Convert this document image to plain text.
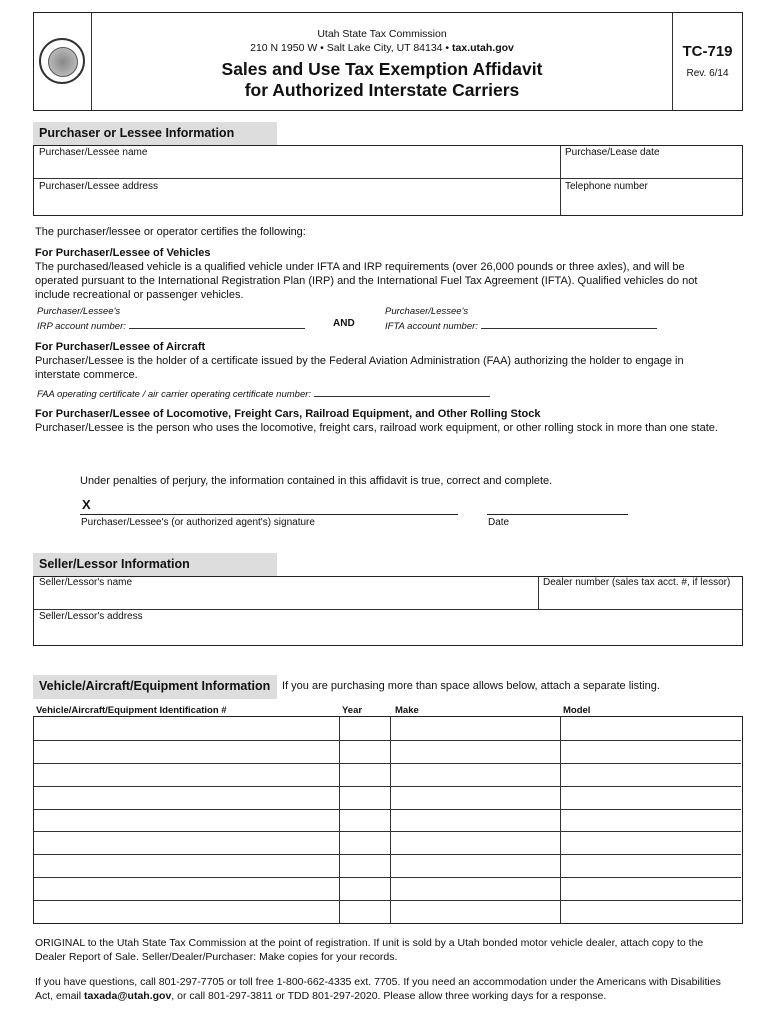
Utah State Tax Commission
210 N 1950 W • Salt Lake City, UT 84134 • tax.utah.gov
Sales and Use Tax Exemption Affidavit
for Authorized Interstate Carriers
TC-719
Rev. 6/14
Purchaser or Lessee Information
Purchaser/Lessee name	Purchase/Lease date
Purchaser/Lessee address	Telephone number
The purchaser/lessee or operator certifies the following:
For Purchaser/Lessee of Vehicles
The purchased/leased vehicle is a qualified vehicle under IFTA and IRP requirements (over 26,000 pounds or three axles), and will be operated pursuant to the International Registration Plan (IRP) and the International Fuel Tax Agreement (IFTA). Qualified vehicles do not include recreational or passenger vehicles.
Purchaser/Lessee's
IRP account number:	AND
Purchaser/Lessee's
IFTA account number:
For Purchaser/Lessee of Aircraft
Purchaser/Lessee is the holder of a certificate issued by the Federal Aviation Administration (FAA) authorizing the holder to engage in interstate commerce.
FAA operating certificate / air carrier operating certificate number:
For Purchaser/Lessee of Locomotive, Freight Cars, Railroad Equipment, and Other Rolling Stock
Purchaser/Lessee is the person who uses the locomotive, freight cars, railroad work equipment, or other rolling stock in more than one state.
Under penalties of perjury, the information contained in this affidavit is true, correct and complete.
X
Purchaser/Lessee's (or authorized agent's) signature	Date
Seller/Lessor Information
Seller/Lessor's name	Dealer number (sales tax acct. #, if lessor)
Seller/Lessor's address
Vehicle/Aircraft/Equipment Information	If you are purchasing more than space allows below, attach a separate listing.
Vehicle/Aircraft/Equipment Identification #	Year	Make	Model
ORIGINAL to the Utah State Tax Commission at the point of registration. If unit is sold by a Utah bonded motor vehicle dealer, attach copy to the Dealer Report of Sale. Seller/Dealer/Purchaser: Make copies for your records.
If you have questions, call 801-297-7705 or toll free 1-800-662-4335 ext. 7705. If you need an accommodation under the Americans with Disabilities Act, email taxada@utah.gov, or call 801-297-3811 or TDD 801-297-2020. Please allow three working days for a response.
